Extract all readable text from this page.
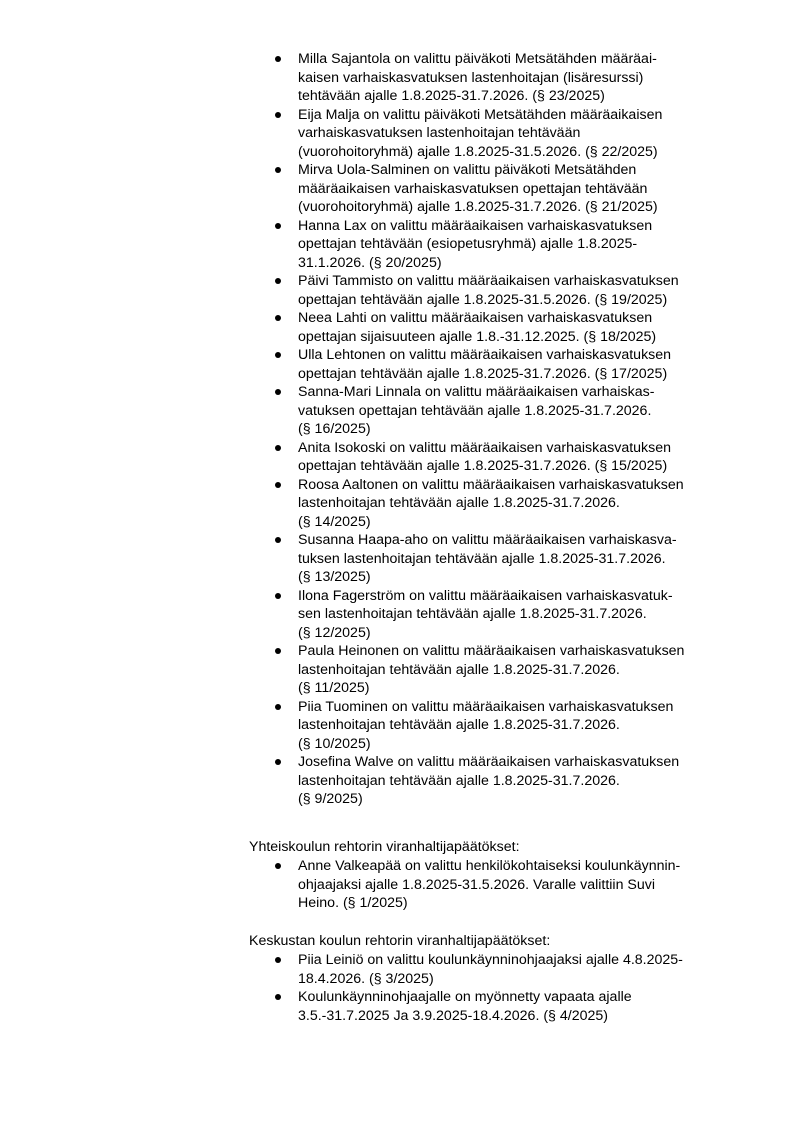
Milla Sajantola on valittu päiväkoti Metsätähden määräai-
kaisen varhaiskasvatuksen lastenhoitajan (lisäresurssi)
tehtävään ajalle 1.8.2025-31.7.2026. (§ 23/2025)
Eija Malja on valittu päiväkoti Metsätähden määräaikaisen
varhaiskasvatuksen lastenhoitajan tehtävään
(vuorohoitoryhmä) ajalle 1.8.2025-31.5.2026. (§ 22/2025)
Mirva Uola-Salminen on valittu päiväkoti Metsätähden
määräaikaisen varhaiskasvatuksen opettajan tehtävään
(vuorohoitoryhmä) ajalle 1.8.2025-31.7.2026. (§ 21/2025)
Hanna Lax on valittu määräaikaisen varhaiskasvatuksen
opettajan tehtävään (esiopetusryhmä) ajalle 1.8.2025-
31.1.2026. (§ 20/2025)
Päivi Tammisto on valittu määräaikaisen varhaiskasvatuksen
opettajan tehtävään ajalle 1.8.2025-31.5.2026. (§ 19/2025)
Neea Lahti on valittu määräaikaisen varhaiskasvatuksen
opettajan sijaisuuteen ajalle 1.8.-31.12.2025. (§ 18/2025)
Ulla Lehtonen on valittu määräaikaisen varhaiskasvatuksen
opettajan tehtävään ajalle 1.8.2025-31.7.2026. (§ 17/2025)
Sanna-Mari Linnala on valittu määräaikaisen varhaiskas-
vatuksen opettajan tehtävään ajalle 1.8.2025-31.7.2026.
(§ 16/2025)
Anita Isokoski on valittu määräaikaisen varhaiskasvatuksen
opettajan tehtävään ajalle 1.8.2025-31.7.2026. (§ 15/2025)
Roosa Aaltonen on valittu määräaikaisen varhaiskasvatuksen
lastenhoitajan tehtävään ajalle 1.8.2025-31.7.2026.
(§ 14/2025)
Susanna Haapa-aho on valittu määräaikaisen varhaiskasva-
tuksen lastenhoitajan tehtävään ajalle 1.8.2025-31.7.2026.
(§ 13/2025)
Ilona Fagerström on valittu määräaikaisen varhaiskasvatuk-
sen lastenhoitajan tehtävään ajalle 1.8.2025-31.7.2026.
(§ 12/2025)
Paula Heinonen on valittu määräaikaisen varhaiskasvatuksen
lastenhoitajan tehtävään ajalle 1.8.2025-31.7.2026.
(§ 11/2025)
Piia Tuominen on valittu määräaikaisen varhaiskasvatuksen
lastenhoitajan tehtävään ajalle 1.8.2025-31.7.2026.
(§ 10/2025)
Josefina Walve on valittu määräaikaisen varhaiskasvatuksen
lastenhoitajan tehtävään ajalle 1.8.2025-31.7.2026.
(§ 9/2025)
Yhteiskoulun rehtorin viranhaltijapäätökset:
Anne Valkeapää on valittu henkilökohtaiseksi koulunkäynnin-
ohjaajaksi ajalle 1.8.2025-31.5.2026. Varalle valittiin Suvi
Heino. (§ 1/2025)
Keskustan koulun rehtorin viranhaltijapäätökset:
Piia Leiniö on valittu koulunkäynninohjaajaksi ajalle 4.8.2025-
18.4.2026. (§ 3/2025)
Koulunkäynninohjaajalle on myönnetty vapaata ajalle
3.5.-31.7.2025 Ja 3.9.2025-18.4.2026. (§ 4/2025)
